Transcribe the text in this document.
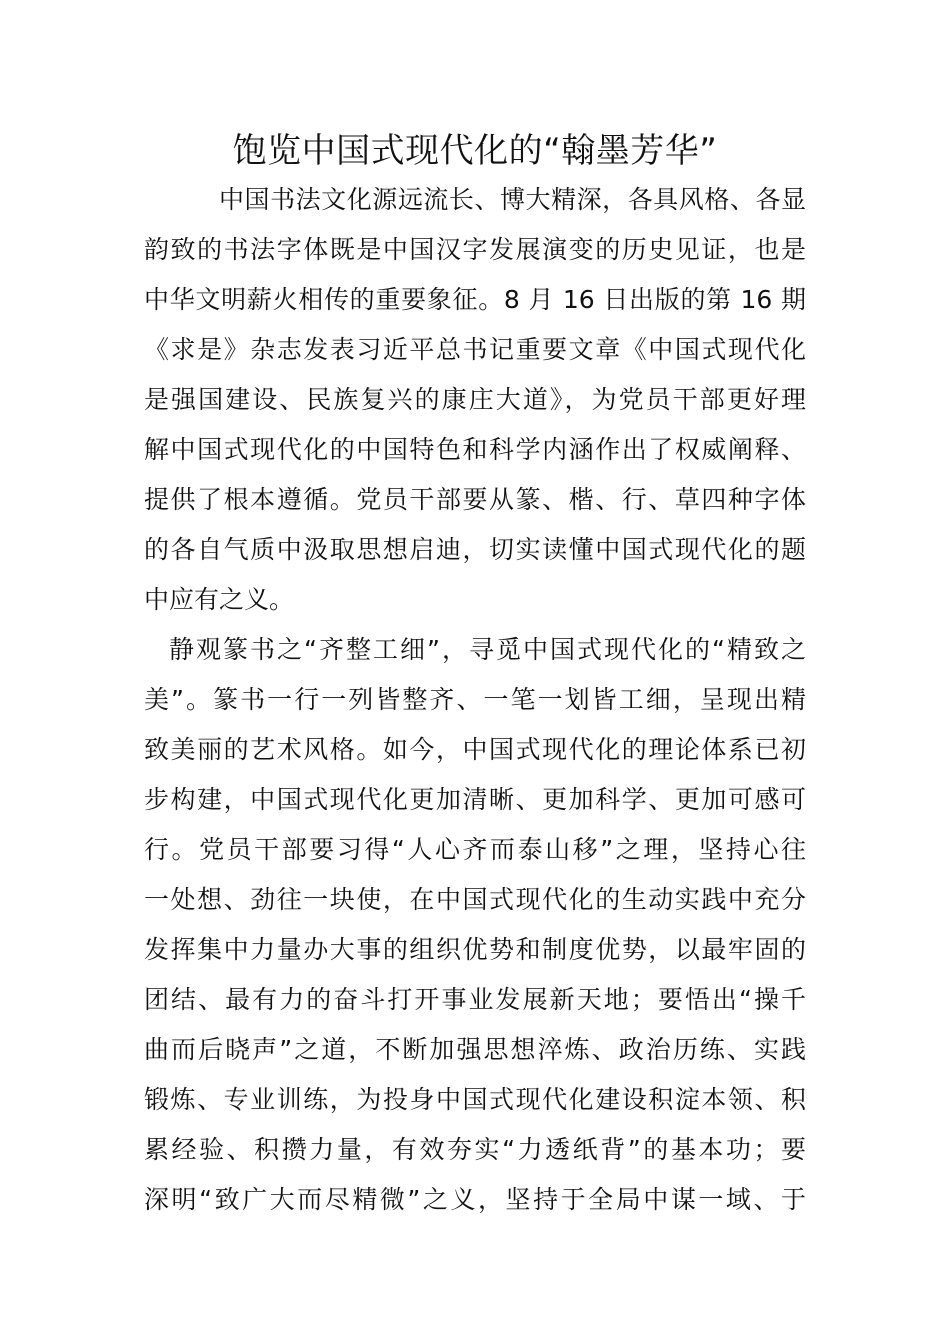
饱览中国式现代化的“翰墨芳华”
中国书法文化源远流长、博大精深，各具风格、各显
韵致的书法字体既是中国汉字发展演变的历史见证，也是
中华文明薪火相传的重要象征。8 月 16 日出版的第 16 期
《求是》杂志发表习近平总书记重要文章《中国式现代化
是强国建设、民族复兴的康庄大道》，为党员干部更好理
解中国式现代化的中国特色和科学内涵作出了权威阐释、
提供了根本遵循。党员干部要从篆、楷、行、草四种字体
的各自气质中汲取思想启迪，切实读懂中国式现代化的题
中应有之义。
静观篆书之“齐整工细”，寻觅中国式现代化的“精致之
美”。篆书一行一列皆整齐、一笔一划皆工细，呈现出精
致美丽的艺术风格。如今，中国式现代化的理论体系已初
步构建，中国式现代化更加清晰、更加科学、更加可感可
行。党员干部要习得“人心齐而泰山移”之理，坚持心往
一处想、劲往一块使，在中国式现代化的生动实践中充分
发挥集中力量办大事的组织优势和制度优势，以最牢固的
团结、最有力的奋斗打开事业发展新天地；要悟出“操千
曲而后晓声”之道，不断加强思想淬炼、政治历练、实践
锻炼、专业训练，为投身中国式现代化建设积淀本领、积
累经验、积攒力量，有效夯实“力透纸背”的基本功；要
深明“致广大而尽精微”之义，坚持于全局中谋一域、于
